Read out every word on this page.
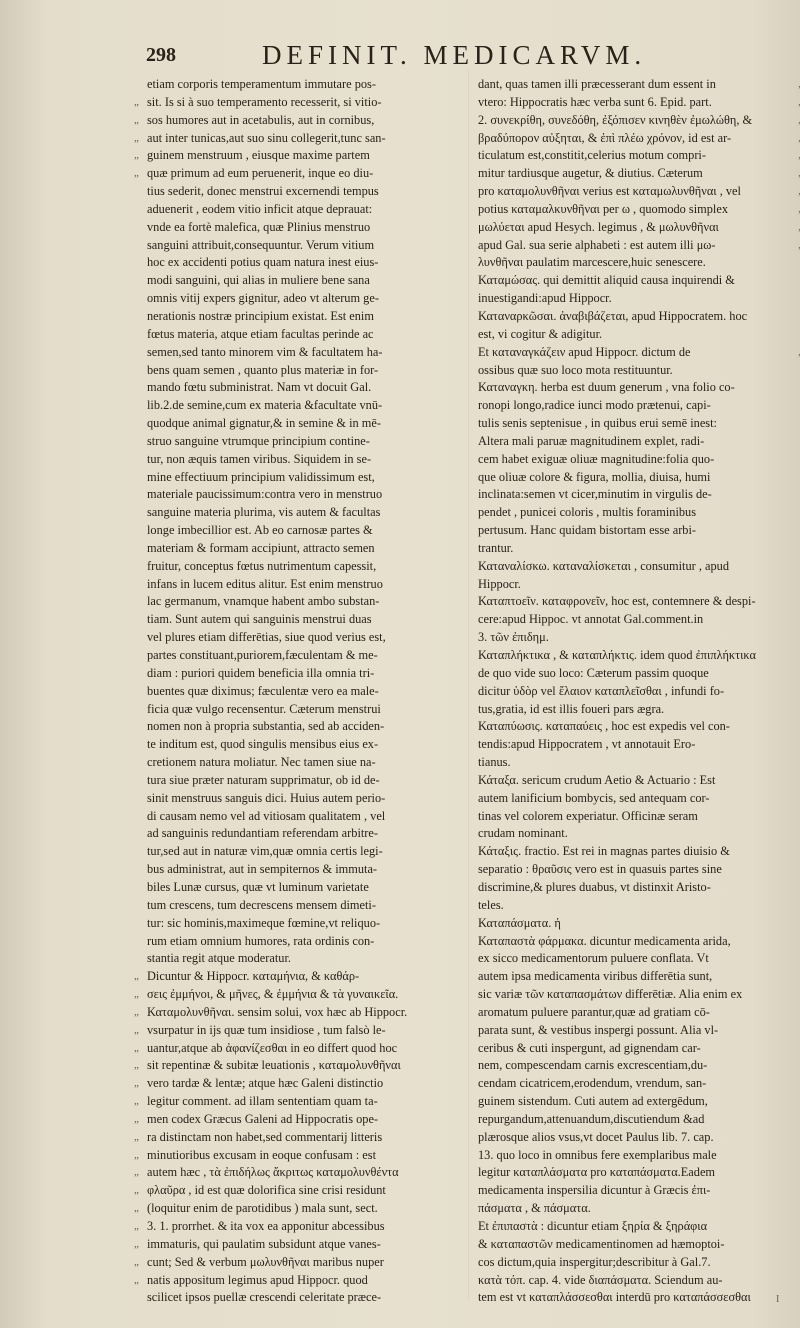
298	DEFINIT. MEDICARVM.

etiam corporis temperamentum immutare pos-

„ sit. Is si à suo temperamento recesserit, si vitio-

„ sos humores aut in acetabulis, aut in cornibus,

„ aut inter tunicas,aut suo sinu collegerit,tunc san-

„ guinem menstruum , eiusque maxime partem

„ quæ primum ad eum peruenerit, inque eo diu-

tius sederit, donec menstrui excernendi tempus

aduenerit , eodem vitio inficit atque deprauat:

vnde ea fortè malefica, quæ Plinius menstruo

sanguini attribuit,consequuntur. Verum vitium

hoc ex accidenti potius quam natura inest eius-

modi sanguini, qui alias in muliere bene sana

omnis vitij expers gignitur, adeo vt alterum ge-

nerationis nostræ principium existat. Est enim

fœtus materia, atque etiam facultas perinde ac

semen,sed tanto minorem vim & facultatem ha-

bens quam semen , quanto plus materiæ in for-

mando fœtu subministrat. Nam vt docuit Gal.

lib.2.de semine,cum ex materia &facultate vnū-

quodque animal gignatur,& in semine & in mē-

struo sanguine vtrumque principium contine-

tur, non æquis tamen viribus. Siquidem in se-

mine effectiuum principium validissimum est,

materiale paucissimum:contra vero in menstruo

sanguine materia plurima, vis autem & facultas

longe imbecillior est. Ab eo carnosæ partes &

materiam & formam accipiunt, attracto semen

fruitur, conceptus fœtus nutrimentum capessit,

infans in lucem editus alitur. Est enim menstruo

lac germanum, vnamque habent ambo substan-

tiam. Sunt autem qui sanguinis menstrui duas

vel plures etiam differētias, siue quod verius est,

partes constituant,puriorem,fæculentam & me-

diam : puriori quidem beneficia illa omnia tri-

buentes quæ diximus; fæculentæ vero ea male-

ficia quæ vulgo recensentur. Cæterum menstrui

nomen non à propria substantia, sed ab acciden-

te inditum est, quod singulis mensibus eius ex-

cretionem natura moliatur. Nec tamen siue na-

tura siue præter naturam supprimatur, ob id de-

sinit menstruus sanguis dici. Huius autem perio-

di causam nemo vel ad vitiosam qualitatem , vel

ad sanguinis redundantiam referendam arbitre-

tur,sed aut in naturæ vim,quæ omnia certis legi-

bus administrat, aut in sempiternos & immuta-

biles Lunæ cursus, quæ vt luminum varietate

tum crescens, tum decrescens mensem dimeti-

tur: sic hominis,maximeque fœmine,vt reliquo-

rum etiam omnium humores, rata ordinis con-

stantia regit atque moderatur.

„ Dicuntur & Hippocr. καταμήνια, & καθάρ-

„ σεις ἐμμήνοι, & μῆνες, & ἐμμήνια & τὰ γυναικεῖα.

„ Καταμολυνθῆναι. sensim solui, vox hæc ab Hippocr.

„ vsurpatur in ijs quæ tum insidiose , tum falsò le-

„ uantur,atque ab ἀφανίζεσθαι in eo differt quod hoc

„ sit repentinæ & subitæ leuationis , καταμολυνθῆναι

„ vero tardæ & lentæ; atque hæc Galeni distinctio

„ legitur comment. ad illam sententiam quam ta-

„ men codex Græcus Galeni ad Hippocratis ope-

„ ra distinctam non habet,sed commentarij litteris

„ minutioribus excusam in eoque confusam : est

„ autem hæc , τὰ ἐπιδήλως ἄκριτως καταμολυνθέντα

„ φλαῦρα , id est quæ dolorifica sine crisi residunt

„ (loquitur enim de parotidibus ) mala sunt, sect.

„ 3. 1. prorrhet. & ita vox ea apponitur abcessibus

„ immaturis, qui paulatim subsidunt atque vanes-

„ cunt; Sed & verbum μωλυνθῆναι maribus nuper

„ natis appositum legimus apud Hippocr. quod

scilicet ipsos puellæ crescendi celeritate præce-

„ dant, quas tamen illi præcesserant dum essent in

„ vtero: Hippocratis hæc verba sunt 6. Epid. part.

„ 2. συνεκρίθη, συνεδόθη, ἐξόπισεν κινηθὲν ἐμωλώθη, &

„ βραδύπορον αὐξηται, & ἐπὶ πλέω χρόνον, id est ar-

„ ticulatum est,constitit,celerius motum compri-

„ mitur tardiusque augetur, & diutius. Cæterum

„ pro καταμολυνθῆναι verius est καταμωλυνθῆναι , vel

„ potius καταμαλκυνθῆναι per ω , quomodo simplex

„ μωλύεται apud Hesych. legimus , & μωλυνθῆναι

„ apud Gal. sua serie alphabeti : est autem illi μω-

λυνθῆναι paulatim marcescere,huic senescere.

Καταμώσας. qui demittit aliquid causa inquirendi &

inuestigandi:apud Hippocr.

Καταναρκῶσαι. ἀναβιβάζεται, apud Hippocratem. hoc

est, vi cogitur & adigitur.

„ Et καταναγκάζειν apud Hippocr. dictum de

ossibus quæ suo loco mota restituuntur.

Καταναγκη. herba est duum generum , vna folio co-

ronopi longo,radice iunci modo prætenui, capi-

tulis senis septenisue , in quibus erui semē inest:

Altera mali paruæ magnitudinem explet, radi-

cem habet exiguæ oliuæ magnitudine:folia quo-

que oliuæ colore & figura, mollia, diuisa, humi

inclinata:semen vt cicer,minutim in virgulis de-

pendet , punicei coloris , multis foraminibus

pertusum. Hanc quidam bistortam esse arbi-

trantur.

Καταναλίσκω. καταναλίσκεται , consumitur , apud

Hippocr.

Καταπτοεῖν. καταφρονεῖν, hoc est, contemnere & despi-

cere:apud Hippoc. vt annotat Gal.comment.in

3. τῶν ἐπιδημ.

Καταπλήκτικα , & καταπλήκτις. idem quod ἐπιπλήκτικα

de quo vide suo loco: Cæterum passim quoque

dicitur ὑδὸρ vel ἔλαιον καταπλεῖσθαι , infundi fo-

tus,gratia, id est illis foueri pars ægra.

Καταπύωσις. καταπαύεις , hoc est expedis vel con-

tendis:apud Hippocratem , vt annotauit Ero-

tianus.

Κάταξα. sericum crudum Aetio & Actuario : Est

autem lanificium bombycis, sed antequam cor-

tinas vel colorem experiatur. Officinæ seram

crudam nominant.

Κάταξις. fractio. Est rei in magnas partes diuisio &

separatio : θραῦσις vero est in quasuis partes sine

discrimine,& plures duabus, vt distinxit Aristo-

teles.

Καταπάσματα. ἡ

Καταπαστὰ φάρμακα. dicuntur medicamenta arida,

ex sicco medicamentorum puluere conflata. Vt

autem ipsa medicamenta viribus differētia sunt,

sic variæ τῶν καταπασμάτων differētiæ. Alia enim ex

aromatum puluere parantur,quæ ad gratiam cō-

parata sunt, & vestibus inspergi possunt. Alia vl-

ceribus & cuti inspergunt, ad gignendam car-

nem, compescendam carnis excrescentiam,du-

cendam cicatricem,erodendum, vrendum, san-

guinem sistendum. Cuti autem ad extergēdum,

repurgandum,attenuandum,discutiendum &ad

plærosque alios vsus,vt docet Paulus lib. 7. cap.

13. quo loco in omnibus fere exemplaribus male

legitur καταπλάσματα pro καταπάσματα.Eadem

medicamenta inspersilia dicuntur à Græcis ἐπι-

πάσματα , & πάσματα.

Et ἐπιπαστὰ : dicuntur etiam ξηρία & ξηράφια

& καταπαστῶν medicamentinomen ad hæmoptoi-

cos dictum,quia inspergitur;describitur à Gal.7.

κατὰ τόπ. cap. 4. vide διαπάσματα. Sciendum au-

tem est vt καταπλάσσεσθαι interdū pro καταπάσσεσθαι	I
